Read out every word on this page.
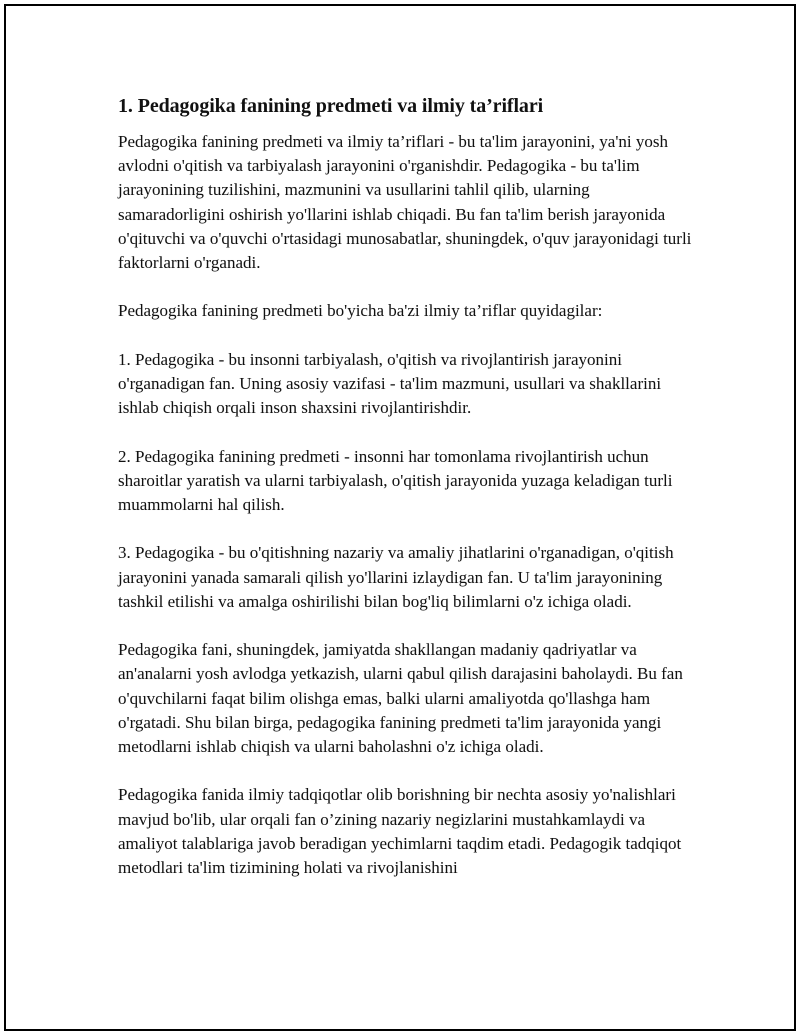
1. Pedagogika fanining predmeti va ilmiy ta’riflari

Pedagogika fanining predmeti va ilmiy ta’riflari - bu ta'lim jarayonini, ya'ni yosh avlodni o'qitish va tarbiyalash jarayonini o'rganishdir. Pedagogika - bu ta'lim jarayonining tuzilishini, mazmunini va usullarini tahlil qilib, ularning samaradorligini oshirish yo'llarini ishlab chiqadi. Bu fan ta'lim berish jarayonida o'qituvchi va o'quvchi o'rtasidagi munosabatlar, shuningdek, o'quv jarayonidagi turli faktorlarni o'rganadi.

Pedagogika fanining predmeti bo'yicha ba'zi ilmiy ta’riflar quyidagilar:

1. Pedagogika - bu insonni tarbiyalash, o'qitish va rivojlantirish jarayonini o'rganadigan fan. Uning asosiy vazifasi - ta'lim mazmuni, usullari va shakllarini ishlab chiqish orqali inson shaxsini rivojlantirishdir.

2. Pedagogika fanining predmeti - insonni har tomonlama rivojlantirish uchun sharoitlar yaratish va ularni tarbiyalash, o'qitish jarayonida yuzaga keladigan turli muammolarni hal qilish.

3. Pedagogika - bu o'qitishning nazariy va amaliy jihatlarini o'rganadigan, o'qitish jarayonini yanada samarali qilish yo'llarini izlaydigan fan. U ta'lim jarayonining tashkil etilishi va amalga oshirilishi bilan bog'liq bilimlarni o'z ichiga oladi.

Pedagogika fani, shuningdek, jamiyatda shakllangan madaniy qadriyatlar va an'analarni yosh avlodga yetkazish, ularni qabul qilish darajasini baholaydi. Bu fan o'quvchilarni faqat bilim olishga emas, balki ularni amaliyotda qo'llashga ham o'rgatadi. Shu bilan birga, pedagogika fanining predmeti ta'lim jarayonida yangi metodlarni ishlab chiqish va ularni baholashni o'z ichiga oladi.

Pedagogika fanida ilmiy tadqiqotlar olib borishning bir nechta asosiy yo'nalishlari mavjud bo'lib, ular orqali fan o’zining nazariy negizlarini mustahkamlaydi va amaliyot talablariga javob beradigan yechimlarni taqdim etadi. Pedagogik tadqiqot metodlari ta'lim tizimining holati va rivojlanishini
